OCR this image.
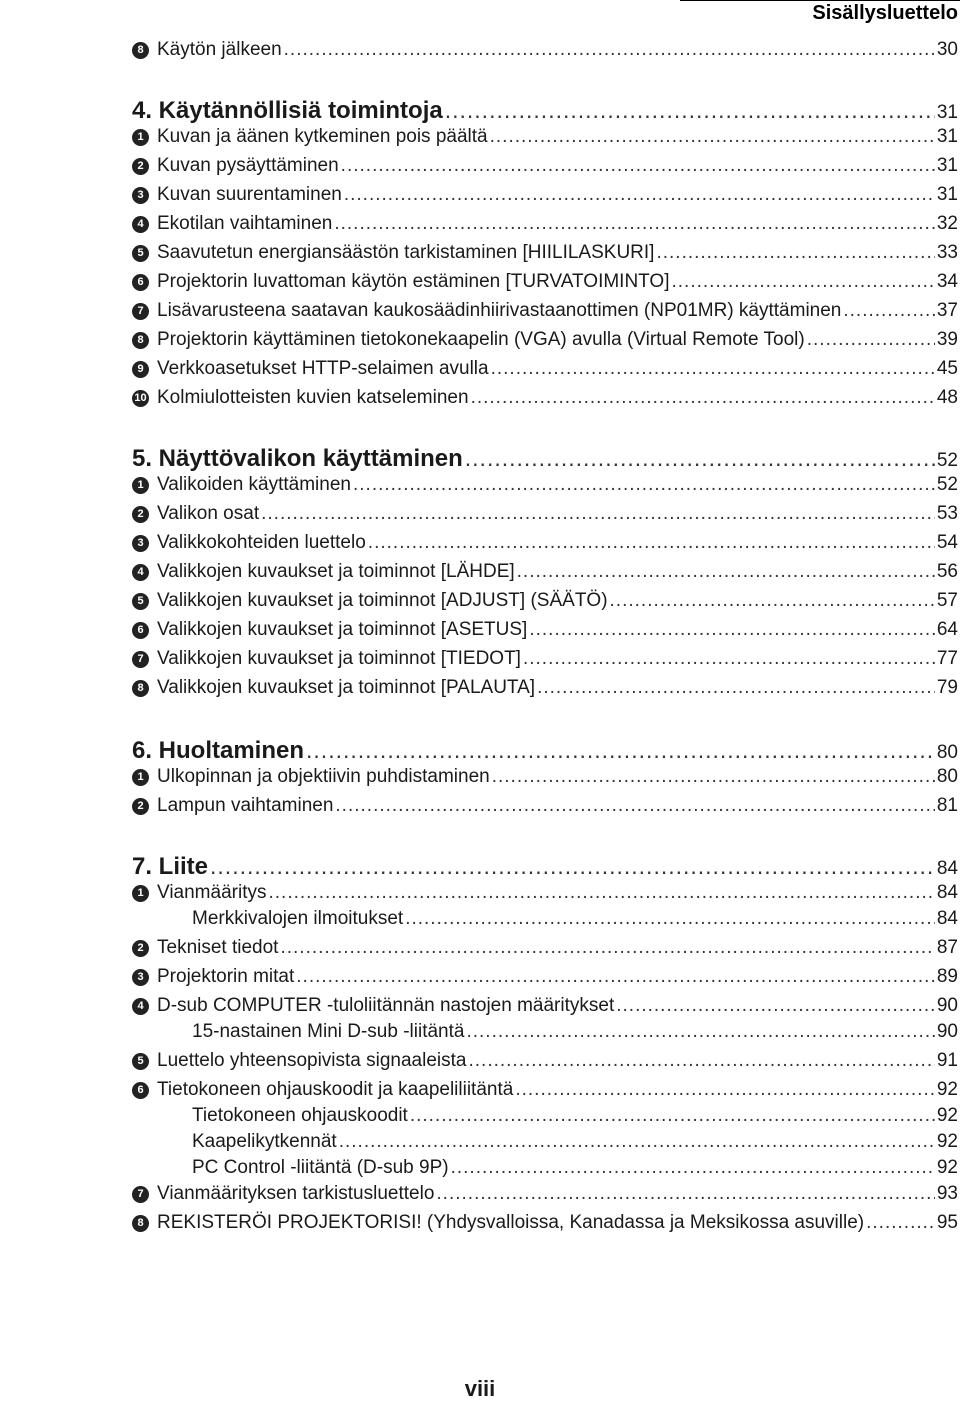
Sisällysluettelo
8 Käytön jälkeen .....	30
4. Käytännöllisiä toimintoja .....	31
1 Kuvan ja äänen kytkeminen pois päältä .....	31
2 Kuvan pysäyttäminen .....	31
3 Kuvan suurentaminen .....	31
4 Ekotilan vaihtaminen .....	32
5 Saavutetun energiansäästön tarkistaminen [HIILILASKURI] .....	33
6 Projektorin luvattoman käytön estäminen [TURVATOIMINTO] .....	34
7 Lisävarusteena saatavan kaukosäädinhiirivastaanottimen (NP01MR) käyttäminen .....	37
8 Projektorin käyttäminen tietokonekaapelin (VGA) avulla (Virtual Remote Tool) .....	39
9 Verkkoasetukset HTTP-selaimen avulla .....	45
10 Kolmiulotteisten kuvien katseleminen .....	48
5. Näyttövalikon käyttäminen .....	52
1 Valikoiden käyttäminen .....	52
2 Valikon osat .....	53
3 Valikkokohteiden luettelo .....	54
4 Valikkojen kuvaukset ja toiminnot [LÄHDE] .....	56
5 Valikkojen kuvaukset ja toiminnot [ADJUST] (SÄÄTÖ) .....	57
6 Valikkojen kuvaukset ja toiminnot [ASETUS] .....	64
7 Valikkojen kuvaukset ja toiminnot [TIEDOT] .....	77
8 Valikkojen kuvaukset ja toiminnot [PALAUTA] .....	79
6. Huoltaminen .....	80
1 Ulkopinnan ja objektiivin puhdistaminen .....	80
2 Lampun vaihtaminen .....	81
7. Liite .....	84
1 Vianmääritys .....	84
Merkkivalojen ilmoitukset .....	84
2 Tekniset tiedot .....	87
3 Projektorin mitat .....	89
4 D-sub COMPUTER -tuloliitännän nastojen määritykset .....	90
15-nastainen Mini D-sub -liitäntä .....	90
5 Luettelo yhteensopivista signaaleista .....	91
6 Tietokoneen ohjauskoodit ja kaapeliliitäntä .....	92
Tietokoneen ohjauskoodit .....	92
Kaapelikytkennät .....	92
PC Control -liitäntä (D-sub 9P) .....	92
7 Vianmäärityksen tarkistusluettelo .....	93
8 REKISTERÖI PROJEKTORISI! (Yhdysvalloissa, Kanadassa ja Meksikossa asuville) .....	95
viii
